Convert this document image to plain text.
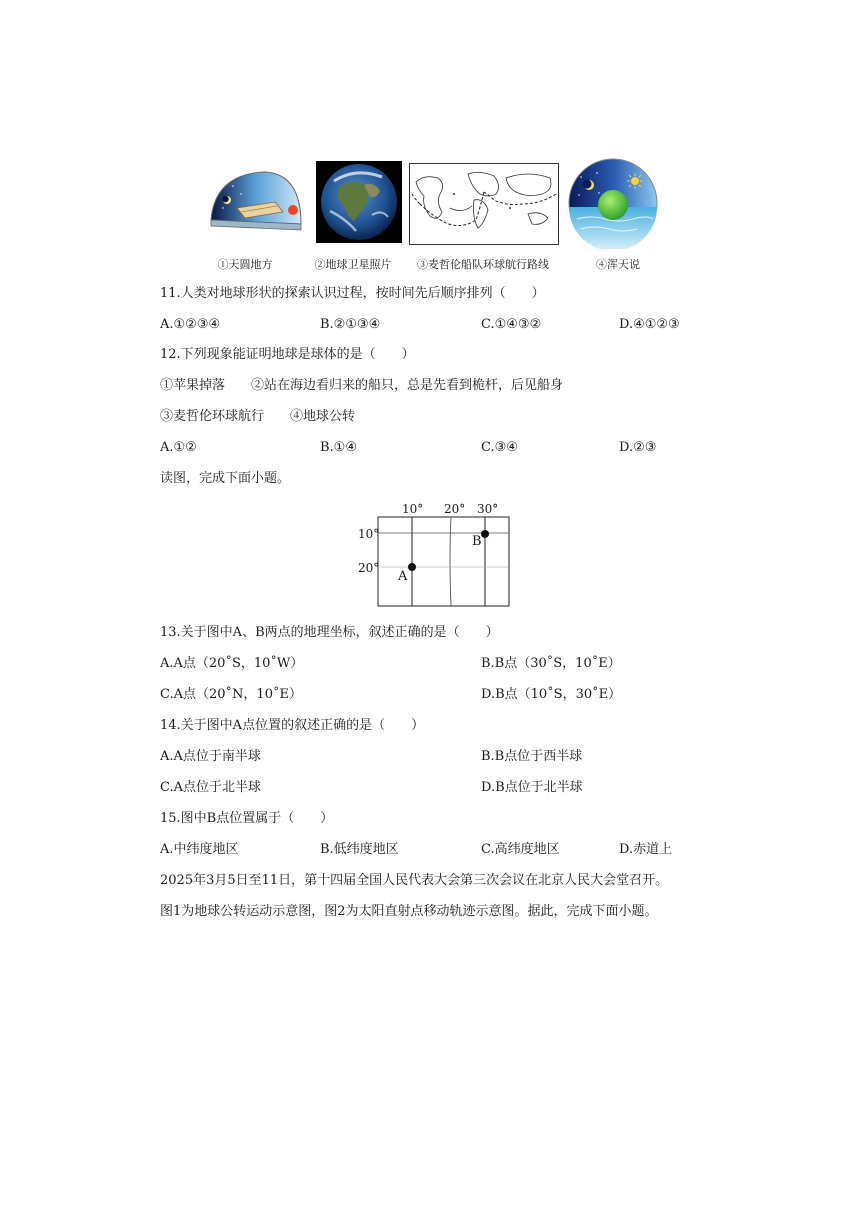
①天圆地方	②地球卫星照片	③麦哲伦船队环球航行路线	④浑天说
11.人类对地球形状的探索认识过程，按时间先后顺序排列（　　）
A.①②③④	B.②①③④	C.①④③②	D.④①②③
12.下列现象能证明地球是球体的是（　　）
①苹果掉落　　②站在海边看归来的船只，总是先看到桅杆，后见船身
③麦哲伦环球航行　　④地球公转
A.①②	B.①④	C.③④	D.②③
读图，完成下面小题。
10° 20° 30°
10°
20°
A
B
13.关于图中A、B两点的地理坐标，叙述正确的是（　　）
A.A点（20˚S，10˚W）	B.B点（30˚S，10˚E）
C.A点（20˚N，10˚E）	D.B点（10˚S，30˚E）
14.关于图中A点位置的叙述正确的是（　　）
A.A点位于南半球	B.B点位于西半球
C.A点位于北半球	D.B点位于北半球
15.图中B点位置属于（　　）
A.中纬度地区	B.低纬度地区	C.高纬度地区	D.赤道上
2025年3月5日至11日，第十四届全国人民代表大会第三次会议在北京人民大会堂召开。
图1为地球公转运动示意图，图2为太阳直射点移动轨迹示意图。据此，完成下面小题。
